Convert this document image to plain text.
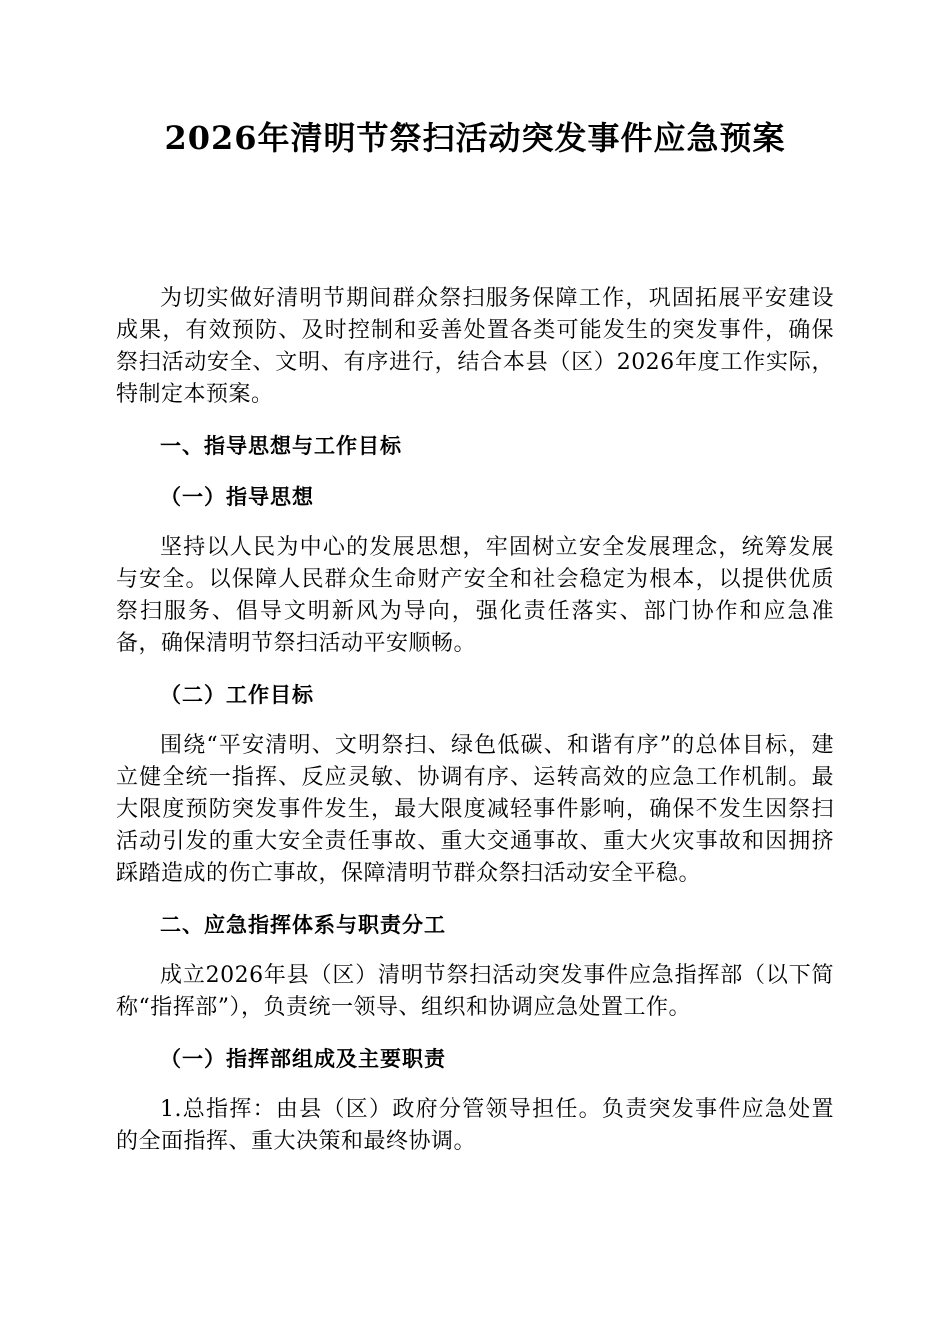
2026年清明节祭扫活动突发事件应急预案

为切实做好清明节期间群众祭扫服务保障工作，巩固拓展平安建设成果，有效预防、及时控制和妥善处置各类可能发生的突发事件，确保祭扫活动安全、文明、有序进行，结合本县（区）2026年度工作实际，特制定本预案。

一、指导思想与工作目标
（一）指导思想

坚持以人民为中心的发展思想，牢固树立安全发展理念，统筹发展与安全。以保障人民群众生命财产安全和社会稳定为根本，以提供优质祭扫服务、倡导文明新风为导向，强化责任落实、部门协作和应急准备，确保清明节祭扫活动平安顺畅。

（二）工作目标

围绕“平安清明、文明祭扫、绿色低碳、和谐有序”的总体目标，建立健全统一指挥、反应灵敏、协调有序、运转高效的应急工作机制。最大限度预防突发事件发生，最大限度减轻事件影响，确保不发生因祭扫活动引发的重大安全责任事故、重大交通事故、重大火灾事故和因拥挤踩踏造成的伤亡事故，保障清明节群众祭扫活动安全平稳。

二、应急指挥体系与职责分工

成立2026年县（区）清明节祭扫活动突发事件应急指挥部（以下简称“指挥部”），负责统一领导、组织和协调应急处置工作。

（一）指挥部组成及主要职责

1.总指挥：由县（区）政府分管领导担任。负责突发事件应急处置的全面指挥、重大决策和最终协调。
